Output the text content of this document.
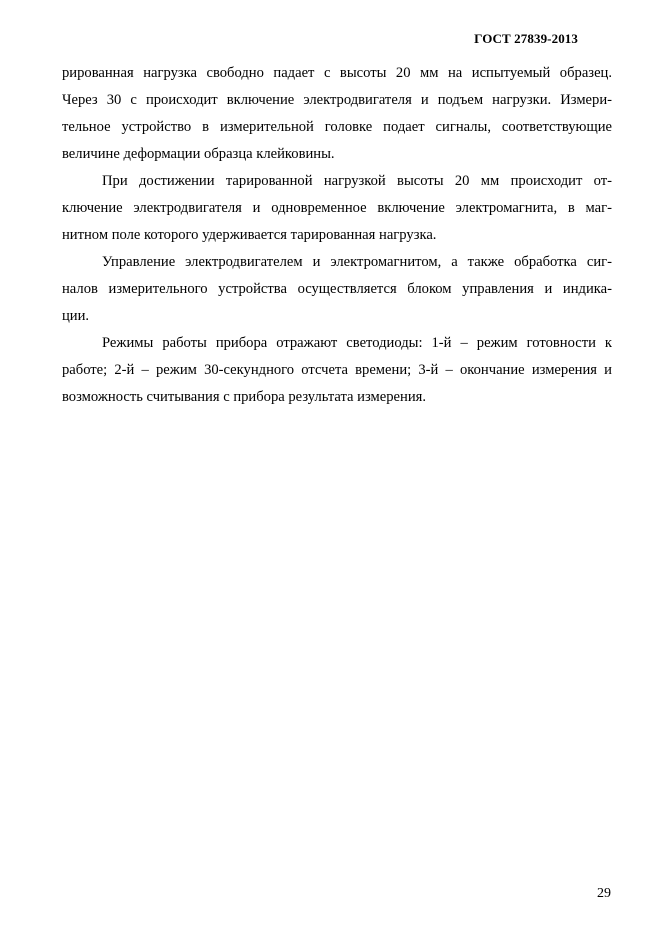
ГОСТ 27839-2013
рированная нагрузка свободно падает с высоты 20 мм на испытуемый образец.
Через 30 с происходит включение электродвигателя и подъем нагрузки. Измери-
тельное устройство в измерительной головке подает сигналы, соответствующие
величине деформации образца клейковины.
При достижении тарированной нагрузкой высоты 20 мм происходит от-
ключение электродвигателя и одновременное включение электромагнита, в маг-
нитном поле которого удерживается тарированная нагрузка.
Управление электродвигателем и электромагнитом, а также обработка сиг-
налов измерительного устройства осуществляется блоком управления и индика-
ции.
Режимы работы прибора отражают светодиоды: 1-й – режим готовности к
работе; 2-й – режим 30-секундного отсчета времени; 3-й – окончание измерения и
возможность считывания с прибора результата измерения.
29
